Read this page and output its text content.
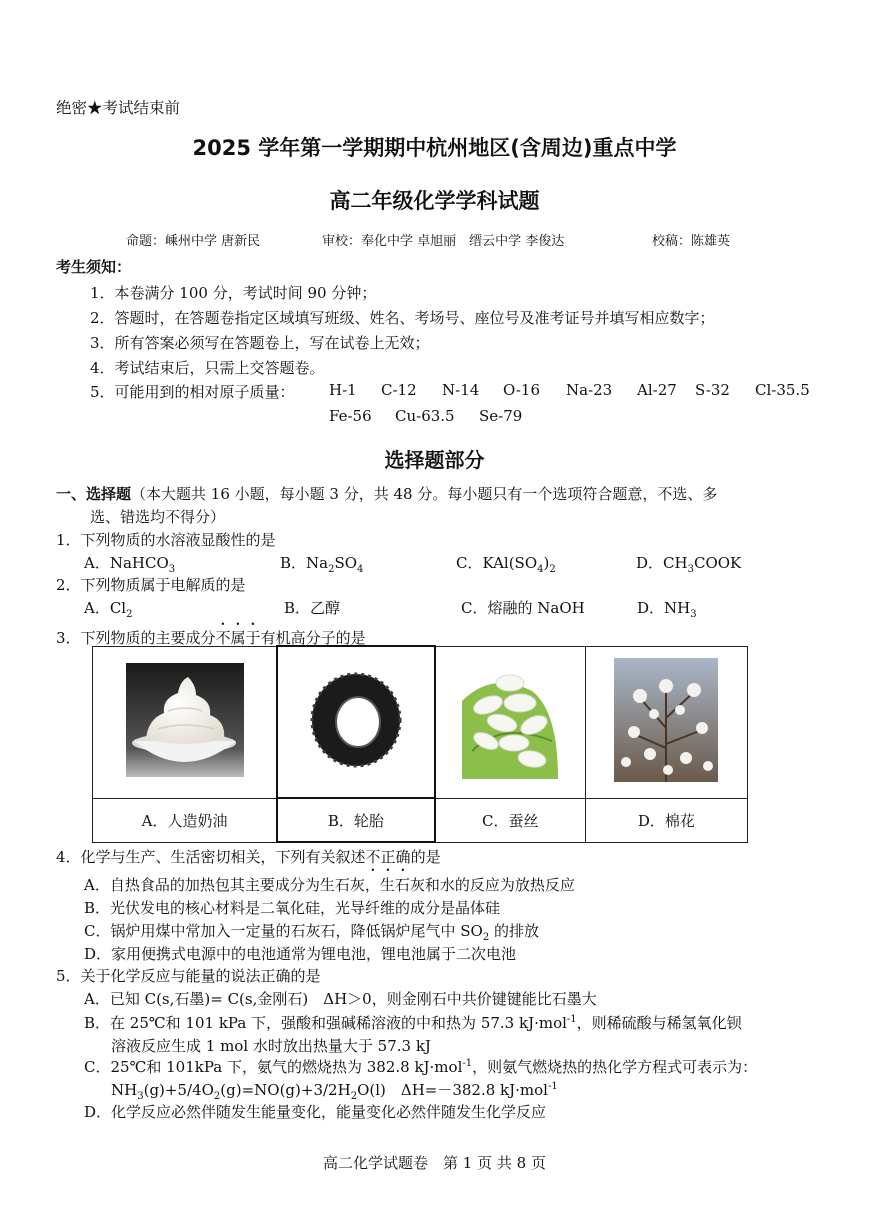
绝密★考试结束前
2025 学年第一学期期中杭州地区(含周边)重点中学
高二年级化学学科试题
命题：嵊州中学 唐新民	审校：奉化中学 卓旭丽　缙云中学 李俊达	校稿：陈雄英
考生须知：
1．本卷满分 100 分，考试时间 90 分钟；
2．答题时，在答题卷指定区域填写班级、姓名、考场号、座位号及准考证号并填写相应数字；
3．所有答案必须写在答题卷上，写在试卷上无效；
4．考试结束后，只需上交答题卷。
5．可能用到的相对原子质量： H-1 C-12 N-14 O-16 Na-23 Al-27 S-32 Cl-35.5
Fe-56 Cu-63.5 Se-79
选择题部分
一、选择题（本大题共 16 小题，每小题 3 分，共 48 分。每小题只有一个选项符合题意，不选、多
选、错选均不得分）
1．下列物质的水溶液显酸性的是
A．NaHCO$_3$	B．$Na_2SO_4$	C．$KAl(SO_4)_2$	D．$CH_3COOK$
2．下列物质属于电解质的是
A．$Cl_2$	B．乙醇	C．熔融的 NaOH	D．$NH_3$
3．下列物质的主要成分不属于有机高分子的是

A．人造奶油	B．轮胎	C．蚕丝	D．棉花
4．化学与生产、生活密切相关，下列有关叙述不正确的是
A．自热食品的加热包其主要成分为生石灰，生石灰和水的反应为放热反应
B．光伏发电的核心材料是二氧化硅，光导纤维的成分是晶体硅
C．锅炉用煤中常加入一定量的石灰石，降低锅炉尾气中 $SO_2$ 的排放
D．家用便携式电源中的电池通常为锂电池，锂电池属于二次电池
5．关于化学反应与能量的说法正确的是
A．已知 C(s,石墨)= C(s,金刚石)　ΔH＞0，则金刚石中共价键键能比石墨大
B．在 25℃和 101 kPa 下，强酸和强碱稀溶液的中和热为 57.3 kJ·mol$^{-1}$，则稀硫酸与稀氢氧化钡
溶液反应生成 1 mol 水时放出热量大于 57.3 kJ
C．25℃和 101kPa 下，氨气的燃烧热为 382.8 kJ·mol$^{-1}$，则氨气燃烧热的热化学方程式可表示为：
$NH_3(g)+5/4O_2(g)=NO(g)+3/2H_2O(l)$　ΔH=－382.8 kJ·mol$^{-1}$
D．化学反应必然伴随发生能量变化，能量变化必然伴随发生化学反应
高二化学试题卷　第 1 页 共 8 页
